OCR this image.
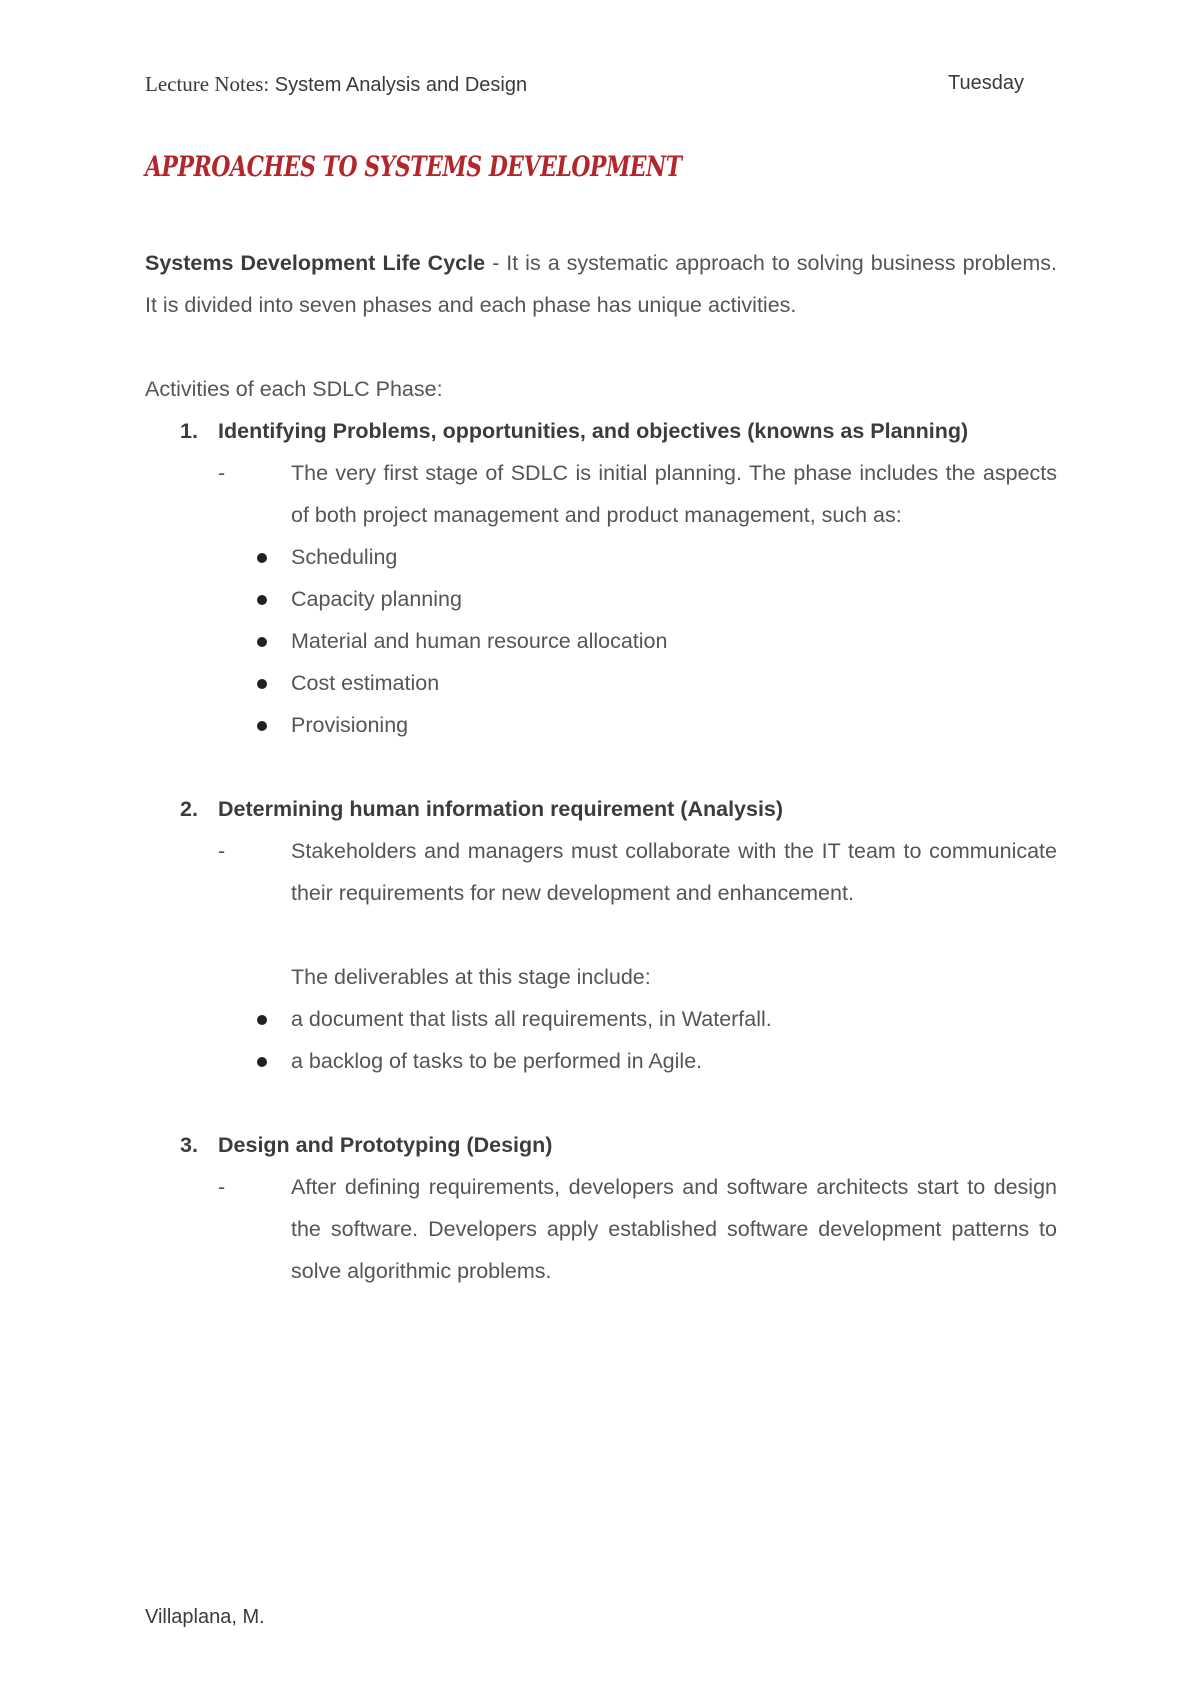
Lecture Notes: System Analysis and Design	Tuesday
APPROACHES TO SYSTEMS DEVELOPMENT

Systems Development Life Cycle - It is a systematic approach to solving business problems. It is divided into seven phases and each phase has unique activities.

Activities of each SDLC Phase:

1. Identifying Problems, opportunities, and objectives (knowns as Planning)
-	The very first stage of SDLC is initial planning. The phase includes the aspects of both project management and product management, such as:
Scheduling
Capacity planning
Material and human resource allocation
Cost estimation
Provisioning
2. Determining human information requirement (Analysis)
-	Stakeholders and managers must collaborate with the IT team to communicate their requirements for new development and enhancement.

The deliverables at this stage include:

a document that lists all requirements, in Waterfall.
a backlog of tasks to be performed in Agile.
3. Design and Prototyping (Design)
-	After defining requirements, developers and software architects start to design the software. Developers apply established software development patterns to solve algorithmic problems.
Villaplana, M.
